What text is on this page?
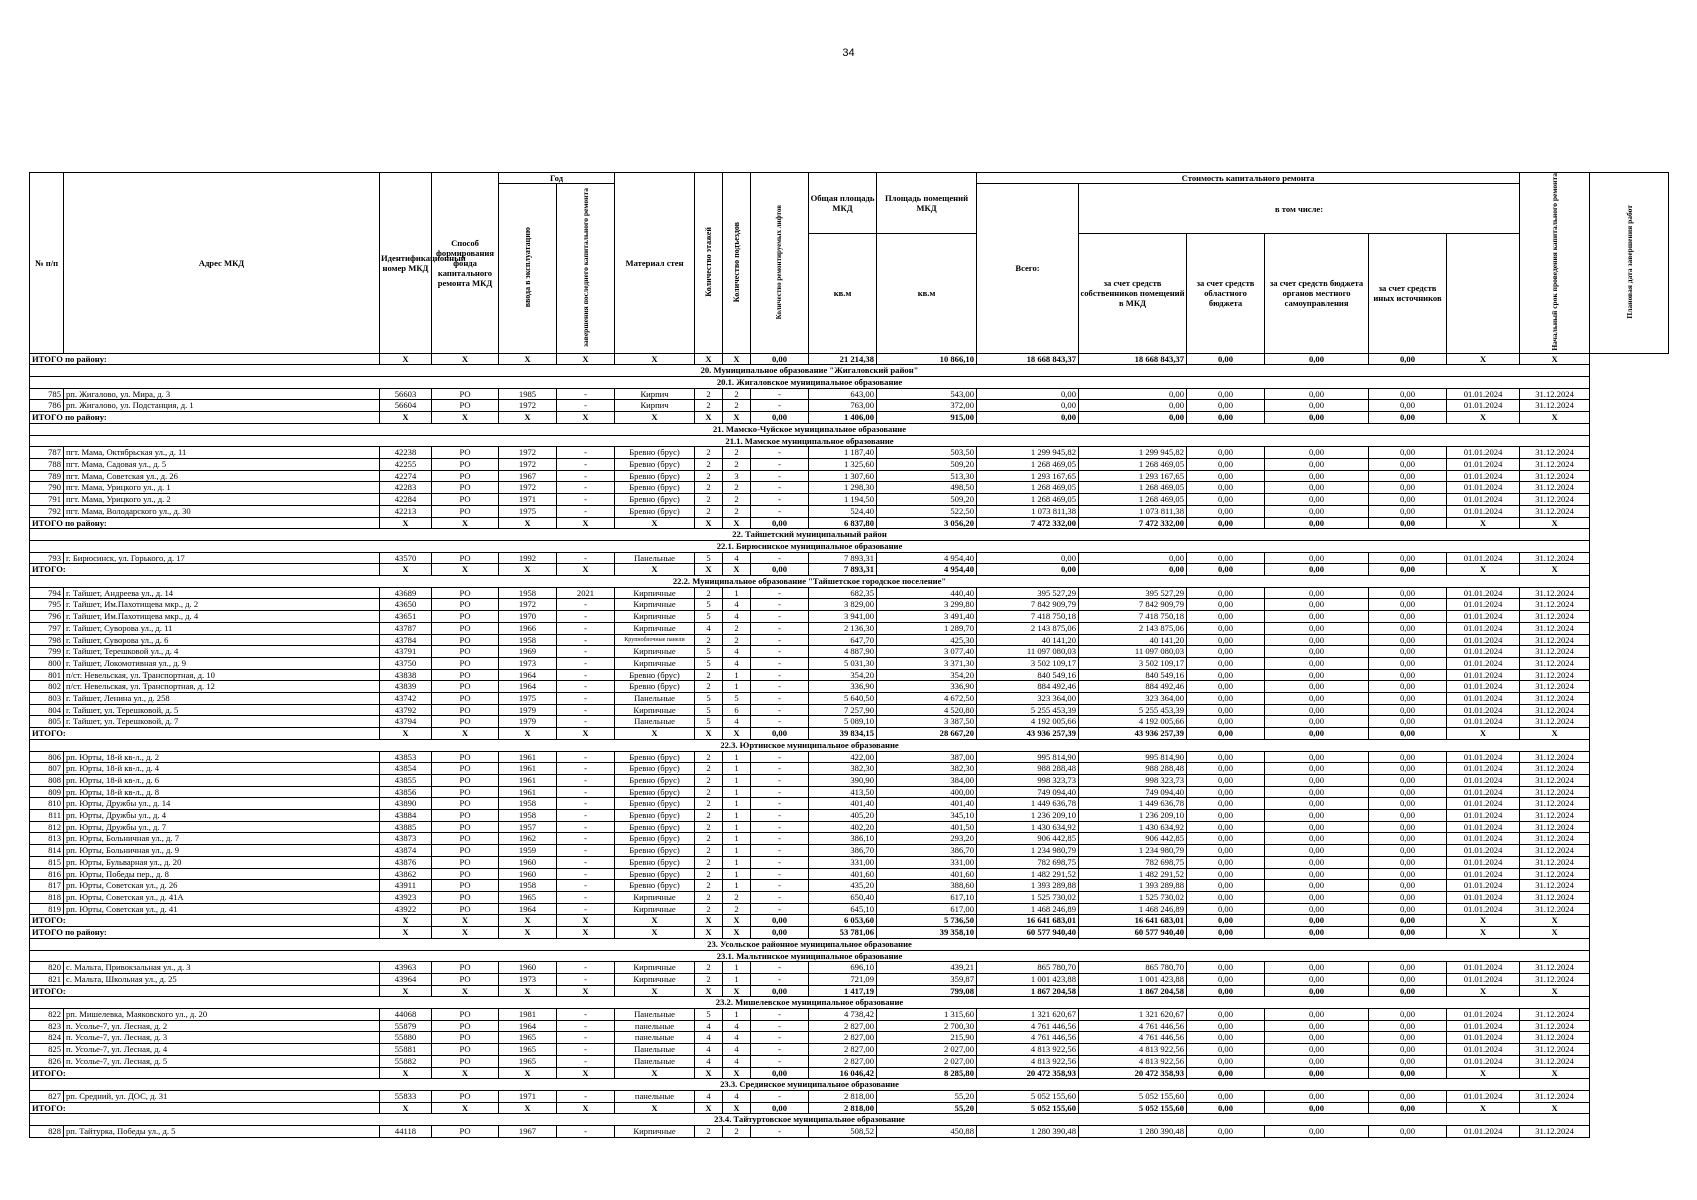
34
№ п/п	Адрес МКД	Идентификационный номер МКД	Способ формирования фонда капитального ремонта МКД	Год		Материал стен	Количество этажей	Количество подъездов	Количество ремонтируемых лифтов	Общая площадь МКД	Площадь помещений МКД	Стоимость капитального ремонта						Начальный срок проведения капитального ремонта	Плановая дата завершения работ
				ввода в эксплуатацию	завершения последнего капитального ремонта							Всего:	в том числе:						
										кв.м	кв.м		за счет средств собственников помещений в МКД	за счет средств областного бюджета	за счет средств бюджета органов местного самоуправления	за счет средств иных источников			
ИТОГО по району:		X	X	X	X	X	X	X	0,00	21 214,38	10 866,10	18 668 843,37	18 668 843,37	0,00	0,00	0,00	X	X	
20. Муниципальное образование "Жигаловский район"																			
20.1. Жигаловское муниципальное образование																			
785	рп. Жигалово, ул. Мира, д. 3	56603	РО	1985	-	Кирпич	2	2	-	643,00	543,00	0,00	0,00	0,00	0,00	0,00	01.01.2024	31.12.2024	
786	рп. Жигалово, ул. Подстанция, д. 1	56604	РО	1972	-	Кирпич	2	2	-	763,00	372,00	0,00	0,00	0,00	0,00	0,00	01.01.2024	31.12.2024	
ИТОГО по району:		X	X	X	X	X	X	X	0,00	1 406,00	915,00	0,00	0,00	0,00	0,00	0,00	X	X	
21. Мамско-Чуйское муниципальное образование																			
21.1. Мамское муниципальное образование																			
787	пгт. Мама, Октябрьская ул., д. 11	42238	РО	1972	-	Бревно (брус)	2	2	-	1 187,40	503,50	1 299 945,82	1 299 945,82	0,00	0,00	0,00	01.01.2024	31.12.2024	
788	пгт. Мама, Садовая ул., д. 5	42255	РО	1972	-	Бревно (брус)	2	2	-	1 325,60	509,20	1 268 469,05	1 268 469,05	0,00	0,00	0,00	01.01.2024	31.12.2024	
789	пгт. Мама, Советская ул., д. 26	42274	РО	1967	-	Бревно (брус)	2	3	-	1 307,60	513,30	1 293 167,65	1 293 167,65	0,00	0,00	0,00	01.01.2024	31.12.2024	
790	пгт. Мама, Урицкого ул., д. 1	42283	РО	1972	-	Бревно (брус)	2	2	-	1 298,30	498,50	1 268 469,05	1 268 469,05	0,00	0,00	0,00	01.01.2024	31.12.2024	
791	пгт. Мама, Урицкого ул., д. 2	42284	РО	1971	-	Бревно (брус)	2	2	-	1 194,50	509,20	1 268 469,05	1 268 469,05	0,00	0,00	0,00	01.01.2024	31.12.2024	
792	пгт. Мама, Володарского ул., д. 30	42213	РО	1975	-	Бревно (брус)	2	2	-	524,40	522,50	1 073 811,38	1 073 811,38	0,00	0,00	0,00	01.01.2024	31.12.2024	
ИТОГО по району:		X	X	X	X	X	X	X	0,00	6 837,80	3 056,20	7 472 332,00	7 472 332,00	0,00	0,00	0,00	X	X	
22. Тайшетский муниципальный район																			
22.1. Бирюсинское муниципальное образование																			
793	г. Бирюсинск, ул. Горького, д. 17	43570	РО	1992	-	Панельные	5	4	-	7 893,31	4 954,40	0,00	0,00	0,00	0,00	0,00	01.01.2024	31.12.2024	
ИТОГО:		X	X	X	X	X	X	X	0,00	7 893,31	4 954,40	0,00	0,00	0,00	0,00	0,00	X	X	
22.2. Муниципальное образование "Тайшетское городское поселение"																			
794	г. Тайшет, Андреева ул., д. 14	43689	РО	1958	2021	Кирпичные	2	1	-	682,35	440,40	395 527,29	395 527,29	0,00	0,00	0,00	01.01.2024	31.12.2024	
795	г. Тайшет, Им.Пахотищева мкр., д. 2	43650	РО	1972	-	Кирпичные	5	4	-	3 829,00	3 299,80	7 842 909,79	7 842 909,79	0,00	0,00	0,00	01.01.2024	31.12.2024	
796	г. Тайшет, Им.Пахотищева мкр., д. 4	43651	РО	1970	-	Кирпичные	5	4	-	3 941,00	3 491,40	7 418 750,18	7 418 750,18	0,00	0,00	0,00	01.01.2024	31.12.2024	
797	г. Тайшет, Суворова ул., д. 11	43787	РО	1966	-	Кирпичные	4	2	-	2 136,30	1 289,70	2 143 875,06	2 143 875,06	0,00	0,00	0,00	01.01.2024	31.12.2024	
798	г. Тайшет, Суворова ул., д. 6	43784	РО	1958	-	Крупноблочные панели	2	2	-	647,70	425,30	40 141,20	40 141,20	0,00	0,00	0,00	01.01.2024	31.12.2024	
799	г. Тайшет, Терешковой ул., д. 4	43791	РО	1969	-	Кирпичные	5	4	-	4 887,90	3 077,40	11 097 080,03	11 097 080,03	0,00	0,00	0,00	01.01.2024	31.12.2024	
800	г. Тайшет, Локомотивная ул., д. 9	43750	РО	1973	-	Кирпичные	5	4	-	5 031,30	3 371,30	3 502 109,17	3 502 109,17	0,00	0,00	0,00	01.01.2024	31.12.2024	
801	п/ст. Невельская, ул. Транспортная, д. 10	43838	РО	1964	-	Бревно (брус)	2	1	-	354,20	354,20	840 549,16	840 549,16	0,00	0,00	0,00	01.01.2024	31.12.2024	
802	п/ст. Невельская, ул. Транспортная, д. 12	43839	РО	1964	-	Бревно (брус)	2	1	-	336,90	336,90	884 492,46	884 492,46	0,00	0,00	0,00	01.01.2024	31.12.2024	
803	г. Тайшет, Ленина ул., д. 258	43742	РО	1975	-	Панельные	5	5	-	5 640,50	4 672,50	323 364,00	323 364,00	0,00	0,00	0,00	01.01.2024	31.12.2024	
804	г. Тайшет, ул. Терешковой, д. 5	43792	РО	1979	-	Кирпичные	5	6	-	7 257,90	4 520,80	5 255 453,39	5 255 453,39	0,00	0,00	0,00	01.01.2024	31.12.2024	
805	г. Тайшет, ул. Терешковой, д. 7	43794	РО	1979	-	Панельные	5	4	-	5 089,10	3 387,50	4 192 005,66	4 192 005,66	0,00	0,00	0,00	01.01.2024	31.12.2024	
ИТОГО:		X	X	X	X	X	X	X	0,00	39 834,15	28 667,20	43 936 257,39	43 936 257,39	0,00	0,00	0,00	X	X	
22.3. Юртинское муниципальное образование																			
806	рп. Юрты, 18-й кв-л., д. 2	43853	РО	1961	-	Бревно (брус)	2	1	-	422,00	387,00	995 814,90	995 814,90	0,00	0,00	0,00	01.01.2024	31.12.2024	
807	рп. Юрты, 18-й кв-л., д. 4	43854	РО	1961	-	Бревно (брус)	2	1	-	382,30	382,30	988 288,48	988 288,48	0,00	0,00	0,00	01.01.2024	31.12.2024	
808	рп. Юрты, 18-й кв-л., д. 6	43855	РО	1961	-	Бревно (брус)	2	1	-	390,90	384,00	998 323,73	998 323,73	0,00	0,00	0,00	01.01.2024	31.12.2024	
809	рп. Юрты, 18-й кв-л., д. 8	43856	РО	1961	-	Бревно (брус)	2	1	-	413,50	400,00	749 094,40	749 094,40	0,00	0,00	0,00	01.01.2024	31.12.2024	
810	рп. Юрты, Дружбы ул., д. 14	43890	РО	1958	-	Бревно (брус)	2	1	-	401,40	401,40	1 449 636,78	1 449 636,78	0,00	0,00	0,00	01.01.2024	31.12.2024	
811	рп. Юрты, Дружбы ул., д. 4	43884	РО	1958	-	Бревно (брус)	2	1	-	405,20	345,10	1 236 209,10	1 236 209,10	0,00	0,00	0,00	01.01.2024	31.12.2024	
812	рп. Юрты, Дружбы ул., д. 7	43885	РО	1957	-	Бревно (брус)	2	1	-	402,20	401,50	1 430 634,92	1 430 634,92	0,00	0,00	0,00	01.01.2024	31.12.2024	
813	рп. Юрты, Больничная ул., д. 7	43873	РО	1962	-	Бревно (брус)	2	1	-	386,10	293,20	906 442,85	906 442,85	0,00	0,00	0,00	01.01.2024	31.12.2024	
814	рп. Юрты, Больничная ул., д. 9	43874	РО	1959	-	Бревно (брус)	2	1	-	386,70	386,70	1 234 980,79	1 234 980,79	0,00	0,00	0,00	01.01.2024	31.12.2024	
815	рп. Юрты, Бульварная ул., д. 20	43876	РО	1960	-	Бревно (брус)	2	1	-	331,00	331,00	782 698,75	782 698,75	0,00	0,00	0,00	01.01.2024	31.12.2024	
816	рп. Юрты, Победы пер., д. 8	43862	РО	1960	-	Бревно (брус)	2	1	-	401,60	401,60	1 482 291,52	1 482 291,52	0,00	0,00	0,00	01.01.2024	31.12.2024	
817	рп. Юрты, Советская ул., д. 26	43911	РО	1958	-	Бревно (брус)	2	1	-	435,20	388,60	1 393 289,88	1 393 289,88	0,00	0,00	0,00	01.01.2024	31.12.2024	
818	рп. Юрты, Советская ул., д. 41А	43923	РО	1965	-	Кирпичные	2	2	-	650,40	617,10	1 525 730,02	1 525 730,02	0,00	0,00	0,00	01.01.2024	31.12.2024	
819	рп. Юрты, Советская ул., д. 41	43922	РО	1964	-	Кирпичные	2	2	-	645,10	617,00	1 468 246,89	1 468 246,89	0,00	0,00	0,00	01.01.2024	31.12.2024	
ИТОГО:		X	X	X	X	X	X	X	0,00	6 053,60	5 736,50	16 641 683,01	16 641 683,01	0,00	0,00	0,00	X	X	
ИТОГО по району:		X	X	X	X	X	X	X	0,00	53 781,06	39 358,10	60 577 940,40	60 577 940,40	0,00	0,00	0,00	X	X	
23. Усольское районное муниципальное образование																			
23.1. Мальтинское муниципальное образование																			
820	с. Мальта, Привокзальная ул., д. 3	43963	РО	1960	-	Кирпичные	2	1	-	696,10	439,21	865 780,70	865 780,70	0,00	0,00	0,00	01.01.2024	31.12.2024	
821	с. Мальта, Школьная ул., д. 25	43964	РО	1973	-	Кирпичные	2	1	-	721,09	359,87	1 001 423,88	1 001 423,88	0,00	0,00	0,00	01.01.2024	31.12.2024	
ИТОГО:		X	X	X	X	X	X	X	0,00	1 417,19	799,08	1 867 204,58	1 867 204,58	0,00	0,00	0,00	X	X	
23.2. Мишелевское муниципальное образование																			
822	рп. Мишелевка, Маяковского ул., д. 20	44068	РО	1981	-	Панельные	5	1	-	4 738,42	1 315,60	1 321 620,67	1 321 620,67	0,00	0,00	0,00	01.01.2024	31.12.2024	
823	п. Усолье-7, ул. Лесная, д. 2	55879	РО	1964	-	панельные	4	4	-	2 827,00	2 700,30	4 761 446,56	4 761 446,56	0,00	0,00	0,00	01.01.2024	31.12.2024	
824	п. Усолье-7, ул. Лесная, д. 3	55880	РО	1965	-	панельные	4	4	-	2 827,00	215,90	4 761 446,56	4 761 446,56	0,00	0,00	0,00	01.01.2024	31.12.2024	
825	п. Усолье-7, ул. Лесная, д. 4	55881	РО	1965	-	Панельные	4	4	-	2 827,00	2 027,00	4 813 922,56	4 813 922,56	0,00	0,00	0,00	01.01.2024	31.12.2024	
826	п. Усолье-7, ул. Лесная, д. 5	55882	РО	1965	-	Панельные	4	4	-	2 827,00	2 027,00	4 813 922,56	4 813 922,56	0,00	0,00	0,00	01.01.2024	31.12.2024	
ИТОГО:		X	X	X	X	X	X	X	0,00	16 046,42	8 285,80	20 472 358,93	20 472 358,93	0,00	0,00	0,00	X	X	
23.3. Срединское муниципальное образование																			
827	рп. Средний, ул. ДОС, д. 31	55833	РО	1971	-	панельные	4	4	-	2 818,00	55,20	5 052 155,60	5 052 155,60	0,00	0,00	0,00	01.01.2024	31.12.2024	
ИТОГО:		X	X	X	X	X	X	X	0,00	2 818,00	55,20	5 052 155,60	5 052 155,60	0,00	0,00	0,00	X	X	
23.4. Тайтуртовское муниципальное образование																			
828	рп. Тайтурка, Победы ул., д. 5	44118	РО	1967	-	Кирпичные	2	2	-	508,52	450,88	1 280 390,48	1 280 390,48	0,00	0,00	0,00	01.01.2024	31.12.2024	
